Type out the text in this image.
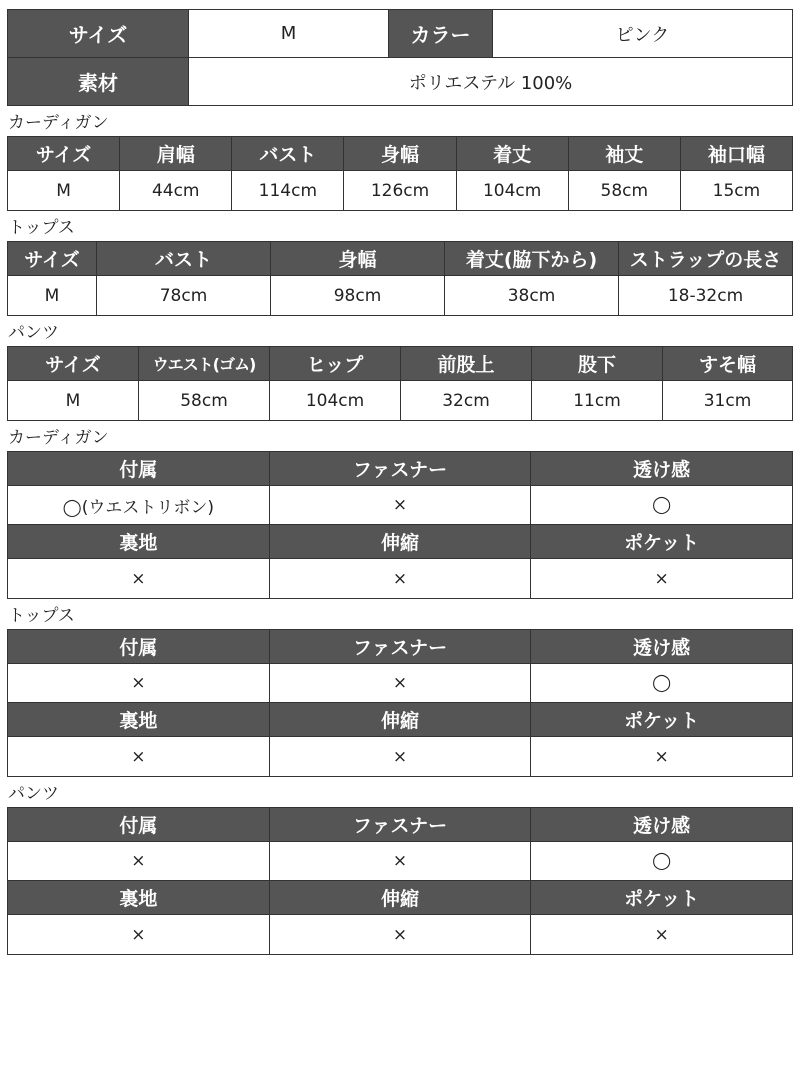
サイズ	M	カラー	ピンク
素材	ポリエステル 100%		
カーディガン
サイズ	肩幅	バスト	身幅	着丈	袖丈	袖口幅
M	44cm	114cm	126cm	104cm	58cm	15cm
トップス
サイズ	バスト	身幅	着丈(脇下から)	ストラップの長さ
M	78cm	98cm	38cm	18-32cm
パンツ
サイズ	ウエスト(ゴム)	ヒップ	前股上	股下	すそ幅
M	58cm	104cm	32cm	11cm	31cm
カーディガン
付属	ファスナー	透け感
◯(ウエストリボン)	×	◯
裏地	伸縮	ポケット
×	×	×
トップス
付属	ファスナー	透け感
×	×	◯
裏地	伸縮	ポケット
×	×	×
パンツ
付属	ファスナー	透け感
×	×	◯
裏地	伸縮	ポケット
×	×	×
